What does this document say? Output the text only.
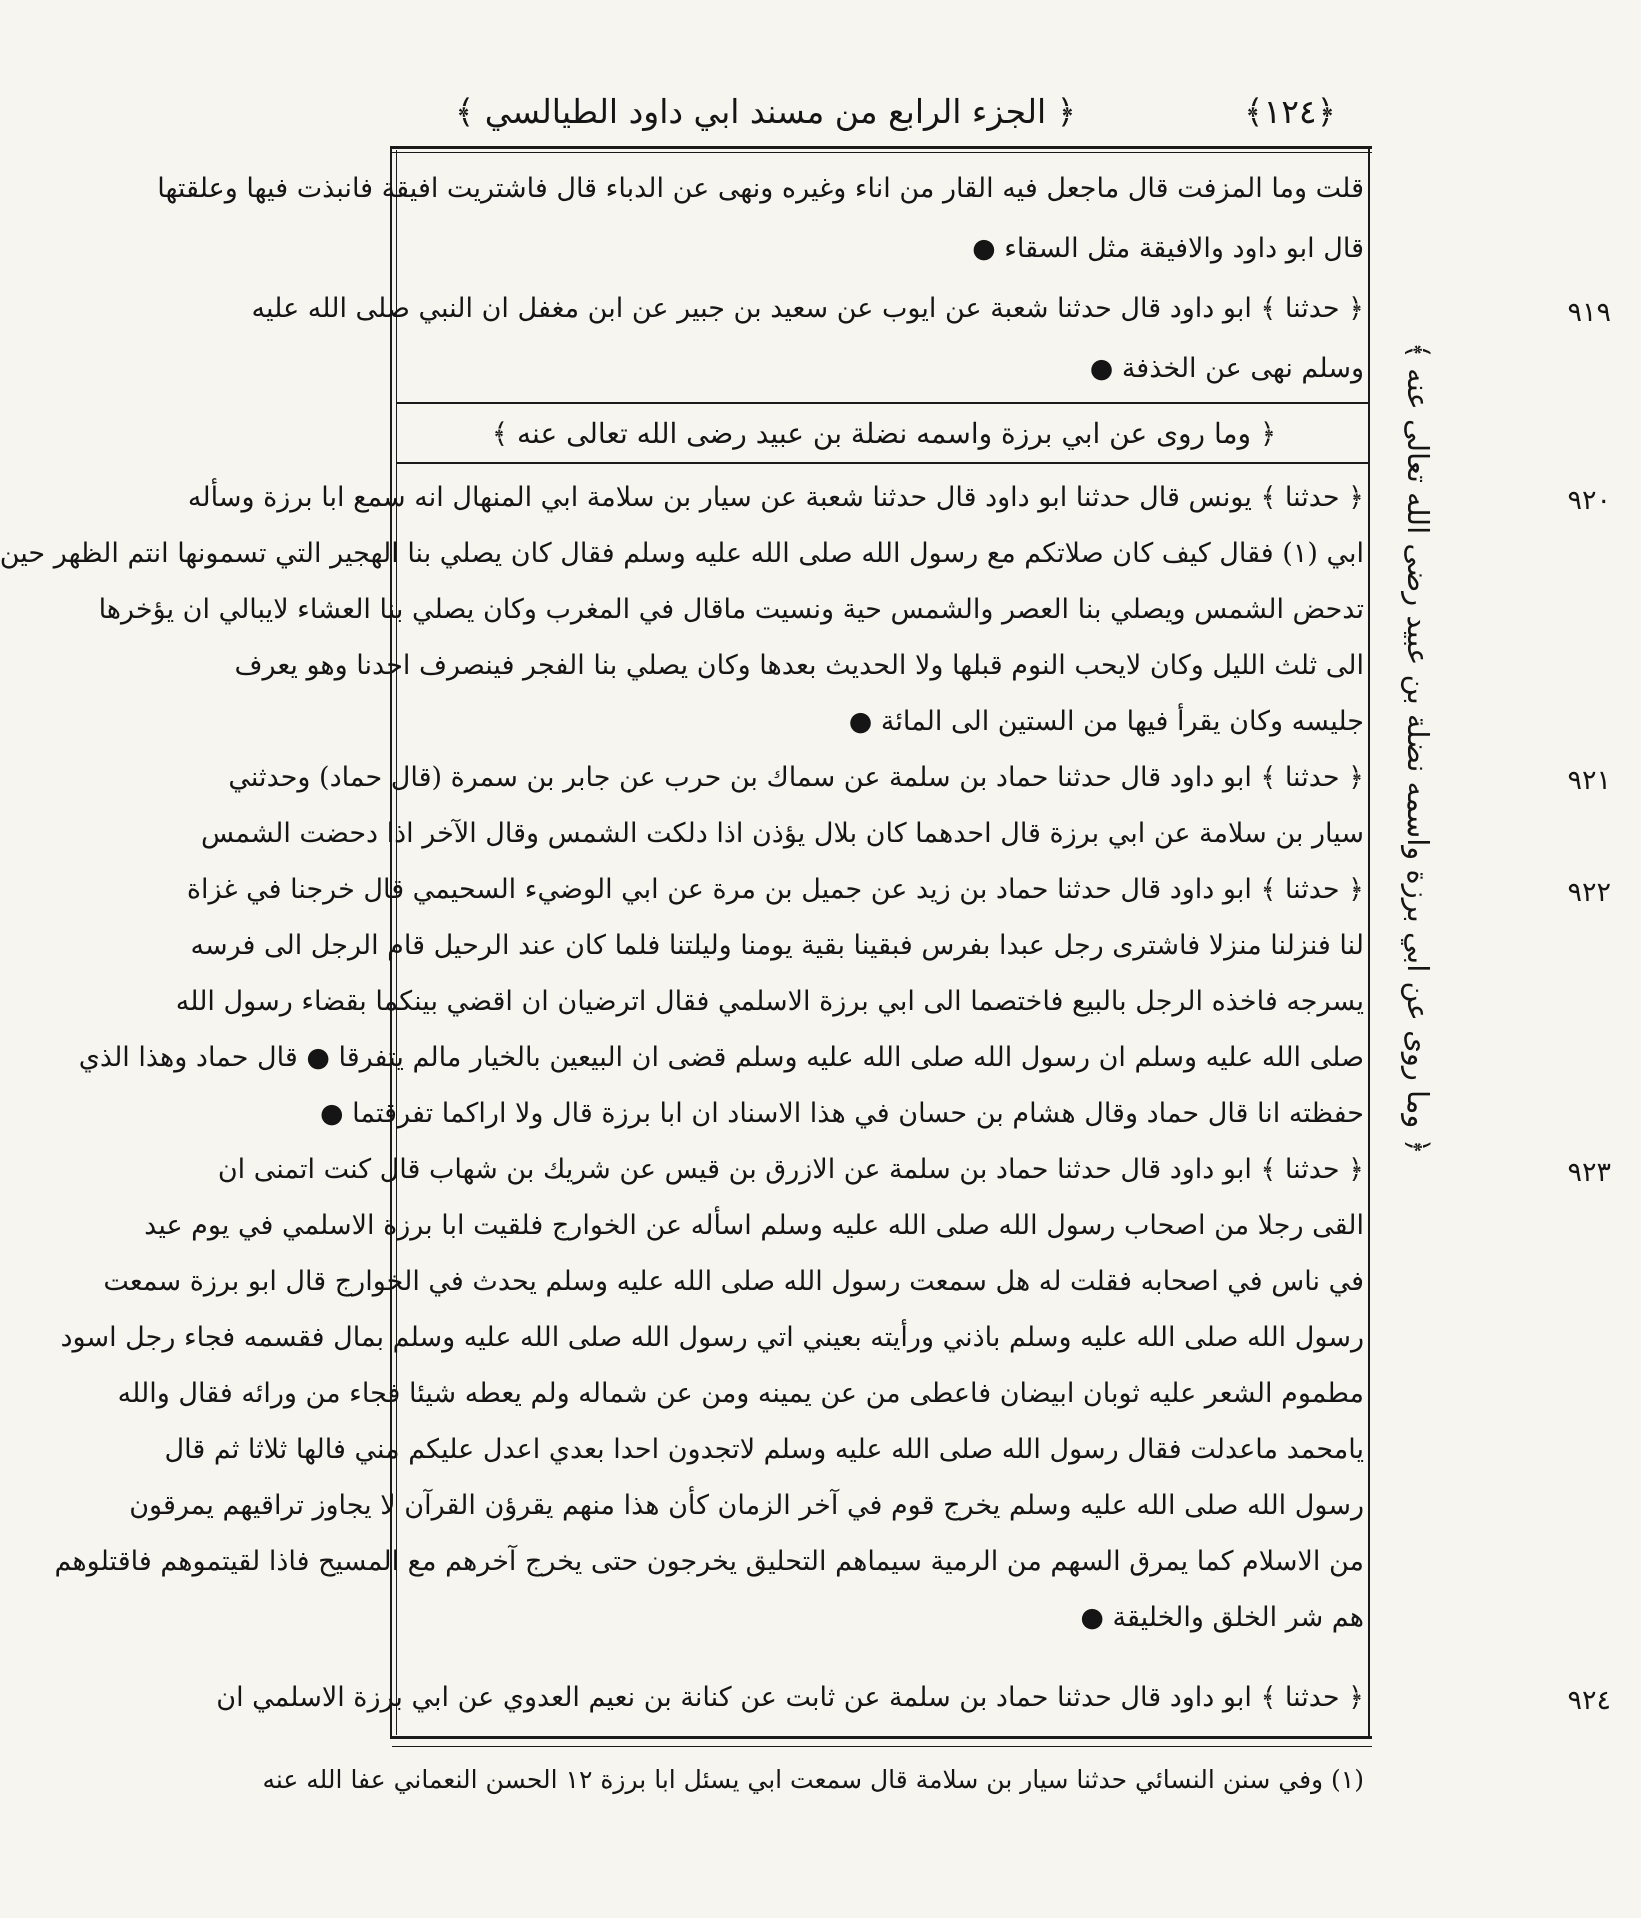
﴿١٢٤﴾
﴿ الجزء الرابع من مسند ابي داود الطيالسي ﴾
﴿ وما روى عن ابي برزة واسمه نضلة بن عبيد رضى الله تعالى عنه ﴾	﴿ وما روى عن ابي برزة واسمه نضلة بن عبيد رضى الله تعالى عنه ﴾
٩١٩
٩٢٠
٩٢١
٩٢٢
٩٢٣
٩٢٤
قلت وما المزفت قال ماجعل فيه القار من اناء وغيره ونهى عن الدباء قال فاشتريت افيقة فانبذت فيها وعلقتها
قال ابو داود والافيقة مثل السقاء ●
﴿ حدثنا ﴾ ابو داود قال حدثنا شعبة عن ايوب عن سعيد بن جبير عن ابن مغفل ان النبي صلى الله عليه
وسلم نهى عن الخذفة ●
﴿ حدثنا ﴾ يونس قال حدثنا ابو داود قال حدثنا شعبة عن سيار بن سلامة ابي المنهال انه سمع ابا برزة وسأله
ابي (١) فقال كيف كان صلاتكم مع رسول الله صلى الله عليه وسلم فقال كان يصلي بنا الهجير التي تسمونها انتم الظهر حين
تدحض الشمس ويصلي بنا العصر والشمس حية ونسيت ماقال في المغرب وكان يصلي بنا العشاء لايبالي ان يؤخرها
الى ثلث الليل وكان لايحب النوم قبلها ولا الحديث بعدها وكان يصلي بنا الفجر فينصرف احدنا وهو يعرف
جليسه وكان يقرأ فيها من الستين الى المائة ●
﴿ حدثنا ﴾ ابو داود قال حدثنا حماد بن سلمة عن سماك بن حرب عن جابر بن سمرة (قال حماد) وحدثني
سيار بن سلامة عن ابي برزة قال احدهما كان بلال يؤذن اذا دلكت الشمس وقال الآخر اذا دحضت الشمس
﴿ حدثنا ﴾ ابو داود قال حدثنا حماد بن زيد عن جميل بن مرة عن ابي الوضيء السحيمي قال خرجنا في غزاة
لنا فنزلنا منزلا فاشترى رجل عبدا بفرس فبقينا بقية يومنا وليلتنا فلما كان عند الرحيل قام الرجل الى فرسه
يسرجه فاخذه الرجل بالبيع فاختصما الى ابي برزة الاسلمي فقال اترضيان ان اقضي بينكما بقضاء رسول الله
صلى الله عليه وسلم ان رسول الله صلى الله عليه وسلم قضى ان البيعين بالخيار مالم يتفرقا ● قال حماد وهذا الذي
حفظته انا قال حماد وقال هشام بن حسان في هذا الاسناد ان ابا برزة قال ولا اراكما تفرقتما ●
﴿ حدثنا ﴾ ابو داود قال حدثنا حماد بن سلمة عن الازرق بن قيس عن شريك بن شهاب قال كنت اتمنى ان
القى رجلا من اصحاب رسول الله صلى الله عليه وسلم اسأله عن الخوارج فلقيت ابا برزة الاسلمي في يوم عيد
في ناس في اصحابه فقلت له هل سمعت رسول الله صلى الله عليه وسلم يحدث في الخوارج قال ابو برزة سمعت
رسول الله صلى الله عليه وسلم باذني ورأيته بعيني اتي رسول الله صلى الله عليه وسلم بمال فقسمه فجاء رجل اسود
مطموم الشعر عليه ثوبان ابيضان فاعطى من عن يمينه ومن عن شماله ولم يعطه شيئا فجاء من ورائه فقال والله
يامحمد ماعدلت فقال رسول الله صلى الله عليه وسلم لاتجدون احدا بعدي اعدل عليكم مني فالها ثلاثا ثم قال
رسول الله صلى الله عليه وسلم يخرج قوم في آخر الزمان كأن هذا منهم يقرؤن القرآن لا يجاوز تراقيهم يمرقون
من الاسلام كما يمرق السهم من الرمية سيماهم التحليق يخرجون حتى يخرج آخرهم مع المسيح فاذا لقيتموهم فاقتلوهم
هم شر الخلق والخليقة ●
﴿ حدثنا ﴾ ابو داود قال حدثنا حماد بن سلمة عن ثابت عن كنانة بن نعيم العدوي عن ابي برزة الاسلمي ان
(١) وفي سنن النسائي حدثنا سيار بن سلامة قال سمعت ابي يسئل ابا برزة ١٢ الحسن النعماني عفا الله عنه
